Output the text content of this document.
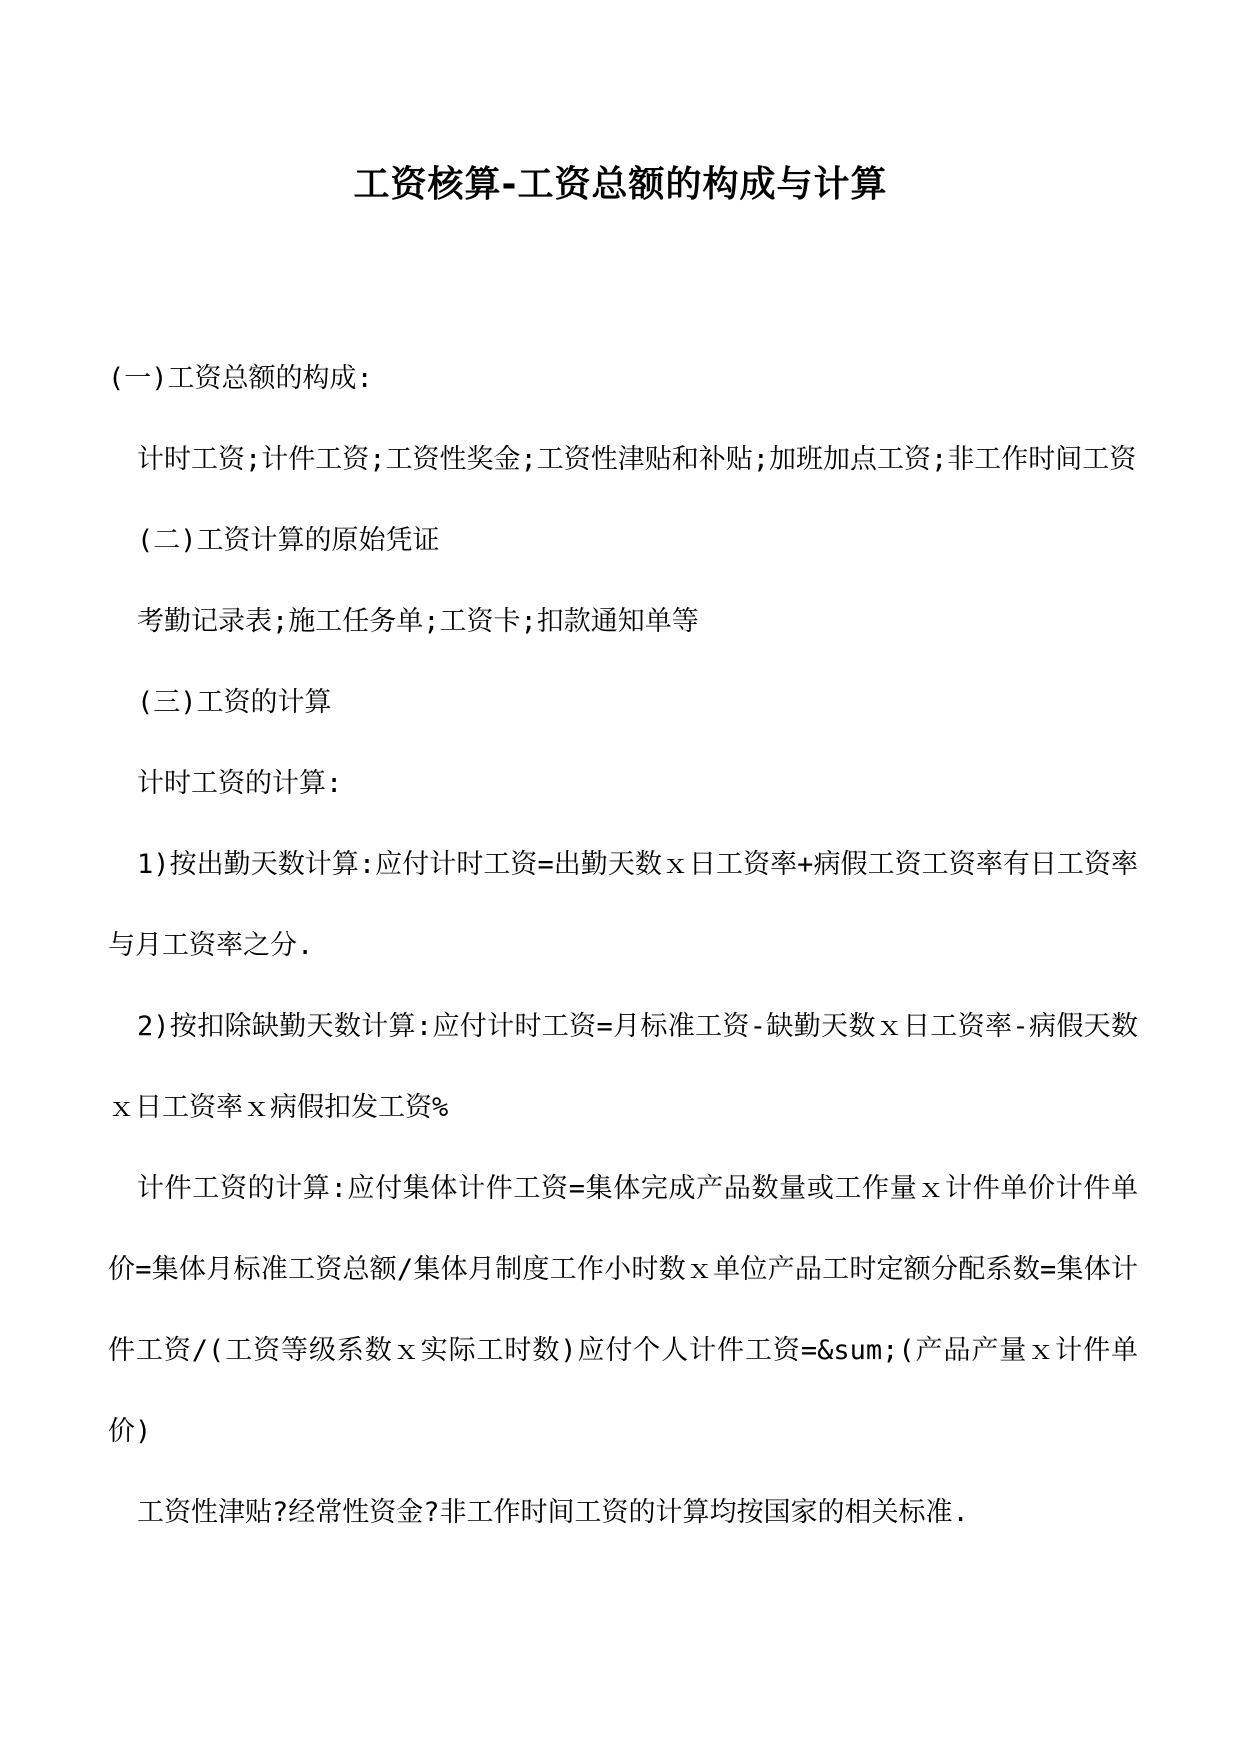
工资核算-工资总额的构成与计算

(一)工资总额的构成:

计时工资;计件工资;工资性奖金;工资性津贴和补贴;加班加点工资;非工作时间工资

(二)工资计算的原始凭证

考勤记录表;施工任务单;工资卡;扣款通知单等

(三)工资的计算

计时工资的计算:

1)按出勤天数计算:应付计时工资=出勤天数ｘ日工资率+病假工资工资率有日工资率与月工资率之分.

2)按扣除缺勤天数计算:应付计时工资=月标准工资-缺勤天数ｘ日工资率-病假天数ｘ日工资率ｘ病假扣发工资%

计件工资的计算:应付集体计件工资=集体完成产品数量或工作量ｘ计件单价计件单价=集体月标准工资总额/集体月制度工作小时数ｘ单位产品工时定额分配系数=集体计件工资/(工资等级系数ｘ实际工时数)应付个人计件工资=&sum;(产品产量ｘ计件单价)

工资性津贴?经常性资金?非工作时间工资的计算均按国家的相关标准.
